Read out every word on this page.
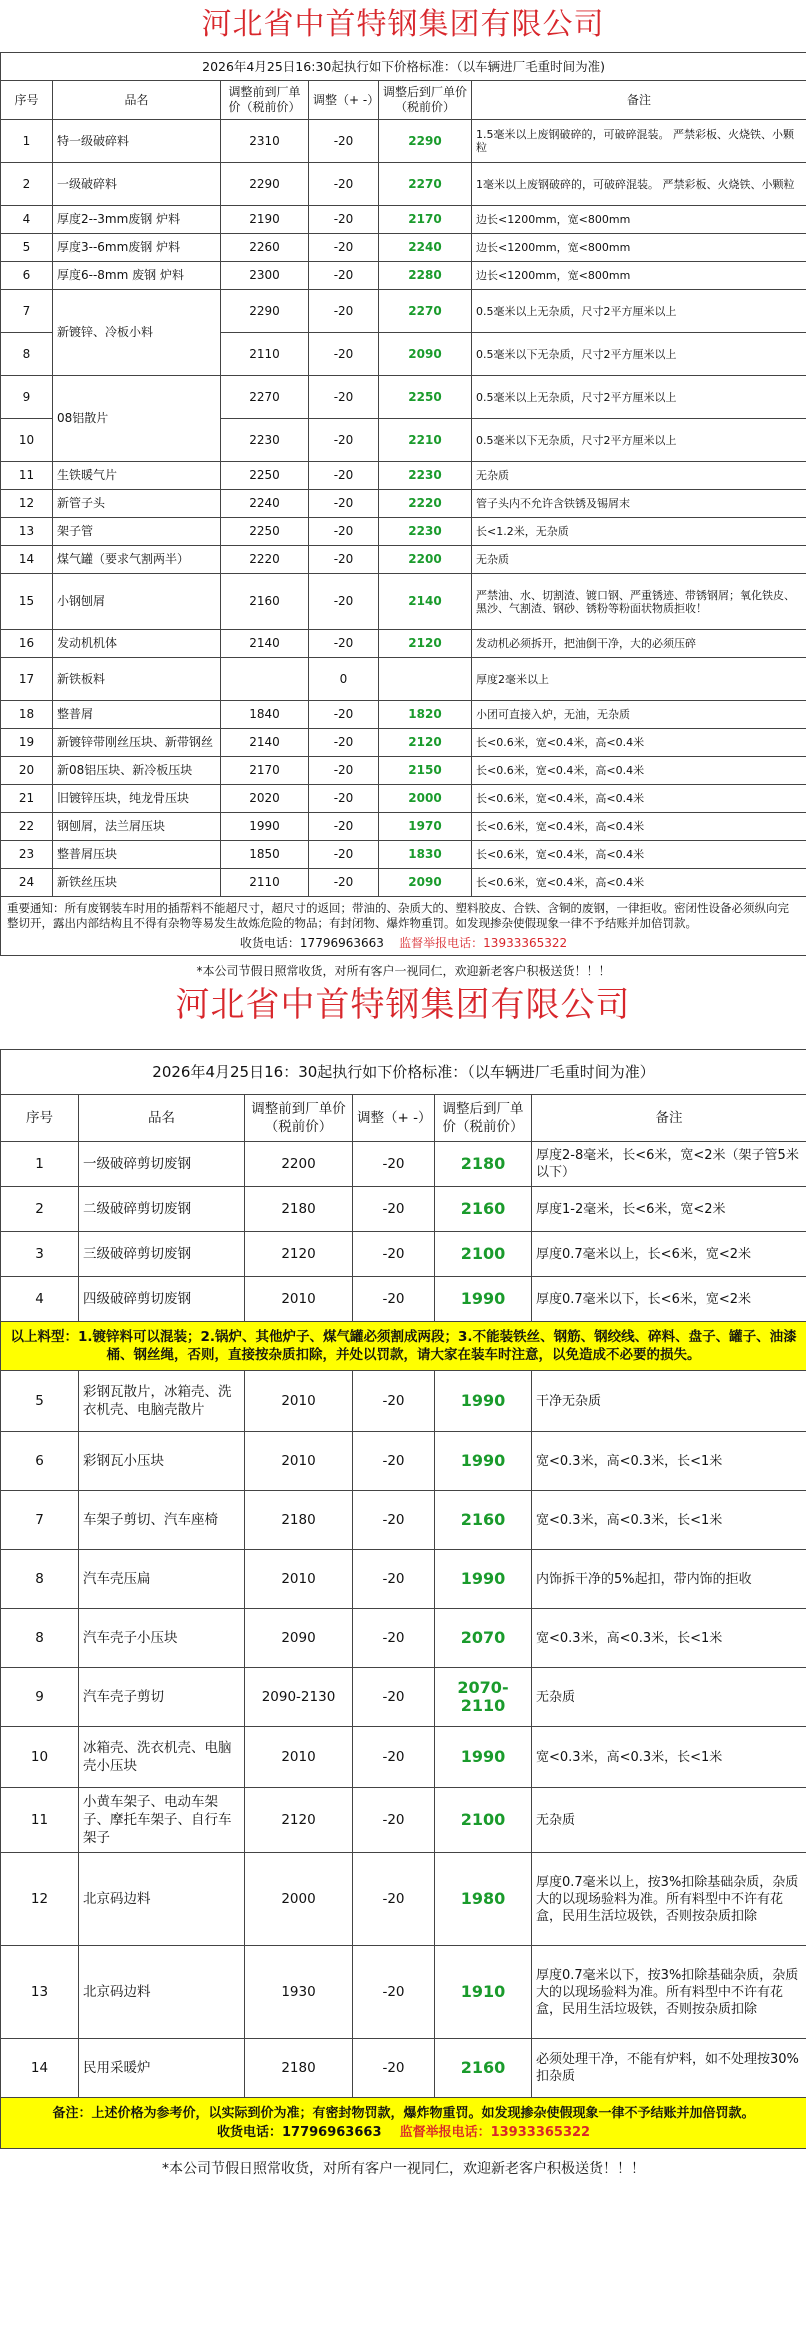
河北省中首特钢集团有限公司
2026年4月25日16:30起执行如下价格标准：（以车辆进厂毛重时间为准)					
序号	品名	调整前到厂单价（税前价）	调整（+ -）	调整后到厂单价（税前价）	备注
1	特一级破碎料	2310	-20	2290	1.5毫米以上废钢破碎的，可破碎混装。 严禁彩板、火烧铁、小颗粒
2	一级破碎料	2290	-20	2270	1毫米以上废钢破碎的，可破碎混装。 严禁彩板、火烧铁、小颗粒
4	厚度2--3mm废钢 炉料	2190	-20	2170	边长<1200mm，宽<800mm
5	厚度3--6mm废钢 炉料	2260	-20	2240	边长<1200mm，宽<800mm
6	厚度6--8mm 废钢 炉料	2300	-20	2280	边长<1200mm，宽<800mm
7	新镀锌、冷板小料	2290	-20	2270	0.5毫米以上无杂质，尺寸2平方厘米以上
8		2110	-20	2090	0.5毫米以下无杂质，尺寸2平方厘米以上
9	08铝散片	2270	-20	2250	0.5毫米以上无杂质，尺寸2平方厘米以上
10		2230	-20	2210	0.5毫米以下无杂质，尺寸2平方厘米以上
11	生铁暖气片	2250	-20	2230	无杂质
12	新管子头	2240	-20	2220	管子头内不允许含铁锈及锡屑末
13	架子管	2250	-20	2230	长<1.2米，无杂质
14	煤气罐（要求气割两半）	2220	-20	2200	无杂质
15	小钢刨屑	2160	-20	2140	严禁油、水、切割渣、镀口钢、严重锈迹、带锈钢屑；氧化铁皮、黑沙、气割渣、钢砂、锈粉等粉面状物质拒收！
16	发动机机体	2140	-20	2120	发动机必须拆开，把油倒干净，大的必须压碎
17	新铁板料		0		厚度2毫米以上
18	整普屑	1840	-20	1820	小团可直接入炉，无油，无杂质
19	新镀锌带刚丝压块、新带钢丝	2140	-20	2120	长<0.6米，宽<0.4米，高<0.4米
20	新08铝压块、新冷板压块	2170	-20	2150	长<0.6米，宽<0.4米，高<0.4米
21	旧镀锌压块，纯龙骨压块	2020	-20	2000	长<0.6米，宽<0.4米，高<0.4米
22	钢刨屑，法兰屑压块	1990	-20	1970	长<0.6米，宽<0.4米，高<0.4米
23	整普屑压块	1850	-20	1830	长<0.6米，宽<0.4米，高<0.4米
24	新铁丝压块	2110	-20	2090	长<0.6米，宽<0.4米，高<0.4米

重要通知：所有废钢装车时用的插帮料不能超尺寸，超尺寸的返回；带油的、杂质大的、塑料胶皮、合铁、含铜的废钢，一律拒收。密闭性设备必须纵向完整切开，露出内部结构且不得有杂物等易发生故炼危险的物品；有封闭物、爆炸物重罚。如发现掺杂使假现象一律不予结账并加倍罚款。
收货电话：17796963663 监督举报电话：13933365322					

*本公司节假日照常收货，对所有客户一视同仁，欢迎新老客户积极送货！！！					
河北省中首特钢集团有限公司
2026年4月25日16：30起执行如下价格标准：（以车辆进厂毛重时间为准）					
序号	品名	调整前到厂单价（税前价）	调整（+ -）	调整后到厂单价（税前价）	备注
1	一级破碎剪切废钢	2200	-20	2180	厚度2-8毫米，长<6米，宽<2米（架子管5米以下）
2	二级破碎剪切废钢	2180	-20	2160	厚度1-2毫米，长<6米，宽<2米
3	三级破碎剪切废钢	2120	-20	2100	厚度0.7毫米以上，长<6米，宽<2米
4	四级破碎剪切废钢	2010	-20	1990	厚度0.7毫米以下，长<6米，宽<2米
以上料型：1.镀锌料可以混装；2.锅炉、其他炉子、煤气罐必须割成两段；3.不能装铁丝、钢筋、钢绞线、碎料、盘子、罐子、油漆桶、钢丝绳，否则，直接按杂质扣除，并处以罚款，请大家在装车时注意，以免造成不必要的损失。					
5	彩钢瓦散片，冰箱壳、洗衣机壳、电脑壳散片	2010	-20	1990	干净无杂质
6	彩钢瓦小压块	2010	-20	1990	宽<0.3米，高<0.3米，长<1米
7	车架子剪切、汽车座椅	2180	-20	2160	宽<0.3米，高<0.3米，长<1米
8	汽车壳压扁	2010	-20	1990	内饰拆干净的5%起扣，带内饰的拒收
8	汽车壳子小压块	2090	-20	2070	宽<0.3米，高<0.3米，长<1米
9	汽车壳子剪切	2090-2130	-20	2070-2110	无杂质
10	冰箱壳、洗衣机壳、电脑壳小压块	2010	-20	1990	宽<0.3米，高<0.3米，长<1米
11	小黄车架子、电动车架子、摩托车架子、自行车架子	2120	-20	2100	无杂质
12	北京码边料	2000	-20	1980	厚度0.7毫米以上，按3%扣除基础杂质，杂质大的以现场验料为准。所有料型中不许有花盒，民用生活垃圾铁，否则按杂质扣除
13	北京码边料	1930	-20	1910	厚度0.7毫米以下，按3%扣除基础杂质，杂质大的以现场验料为准。所有料型中不许有花盒，民用生活垃圾铁，否则按杂质扣除
14	民用采暖炉	2180	-20	2160	必须处理干净，不能有炉料，如不处理按30%扣杂质

备注：上述价格为参考价，以实际到价为准；有密封物罚款，爆炸物重罚。如发现掺杂使假现象一律不予结账并加倍罚款。
收货电话：17796963663 监督举报电话：13933365322					

*本公司节假日照常收货，对所有客户一视同仁，欢迎新老客户积极送货！！！					
